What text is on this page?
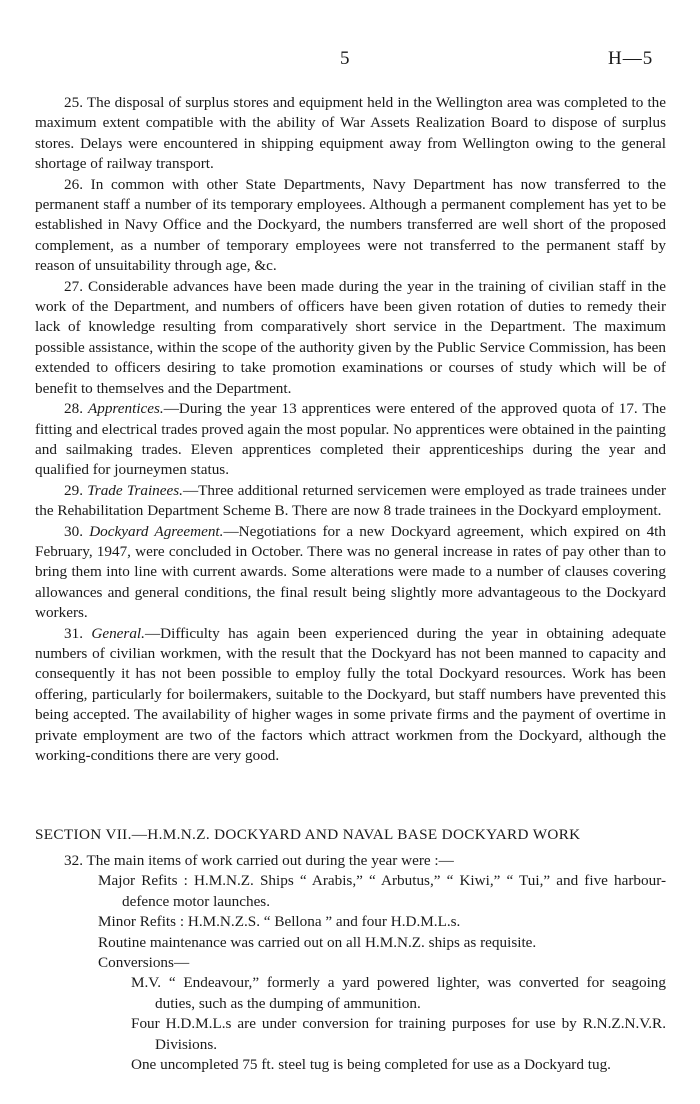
5	H—5

25. The disposal of surplus stores and equipment held in the Wellington area was completed to the maximum extent compatible with the ability of War Assets Realization Board to dispose of surplus stores. Delays were encountered in shipping equipment away from Wellington owing to the general shortage of railway transport.

26. In common with other State Departments, Navy Department has now transferred to the permanent staff a number of its temporary employees. Although a permanent complement has yet to be established in Navy Office and the Dockyard, the numbers transferred are well short of the proposed complement, as a number of temporary employees were not transferred to the permanent staff by reason of unsuitability through age, &c.

27. Considerable advances have been made during the year in the training of civilian staff in the work of the Department, and numbers of officers have been given rotation of duties to remedy their lack of knowledge resulting from comparatively short service in the Department. The maximum possible assistance, within the scope of the authority given by the Public Service Commission, has been extended to officers desiring to take promotion examinations or courses of study which will be of benefit to themselves and the Department.

28. Apprentices.—During the year 13 apprentices were entered of the approved quota of 17. The fitting and electrical trades proved again the most popular. No apprentices were obtained in the painting and sailmaking trades. Eleven apprentices completed their apprenticeships during the year and qualified for journeymen status.

29. Trade Trainees.—Three additional returned servicemen were employed as trade trainees under the Rehabilitation Department Scheme B. There are now 8 trade trainees in the Dockyard employment.

30. Dockyard Agreement.—Negotiations for a new Dockyard agreement, which expired on 4th February, 1947, were concluded in October. There was no general increase in rates of pay other than to bring them into line with current awards. Some alterations were made to a number of clauses covering allowances and general conditions, the final result being slightly more advantageous to the Dockyard workers.

31. General.—Difficulty has again been experienced during the year in obtaining adequate numbers of civilian workmen, with the result that the Dockyard has not been manned to capacity and consequently it has not been possible to employ fully the total Dockyard resources. Work has been offering, particularly for boilermakers, suitable to the Dockyard, but staff numbers have prevented this being accepted. The availability of higher wages in some private firms and the payment of overtime in private employment are two of the factors which attract workmen from the Dockyard, although the working-conditions there are very good.

SECTION VII.—H.M.N.Z. DOCKYARD AND NAVAL BASE DOCKYARD WORK

32. The main items of work carried out during the year were :—

Major Refits : H.M.N.Z. Ships “ Arabis,” “ Arbutus,” “ Kiwi,” “ Tui,” and five harbour-defence motor launches.

Minor Refits : H.M.N.Z.S. “ Bellona ” and four H.D.M.L.s.

Routine maintenance was carried out on all H.M.N.Z. ships as requisite.

Conversions—

M.V. “ Endeavour,” formerly a yard powered lighter, was converted for seagoing duties, such as the dumping of ammunition.

Four H.D.M.L.s are under conversion for training purposes for use by R.N.Z.N.V.R. Divisions.

One uncompleted 75 ft. steel tug is being completed for use as a Dockyard tug.
